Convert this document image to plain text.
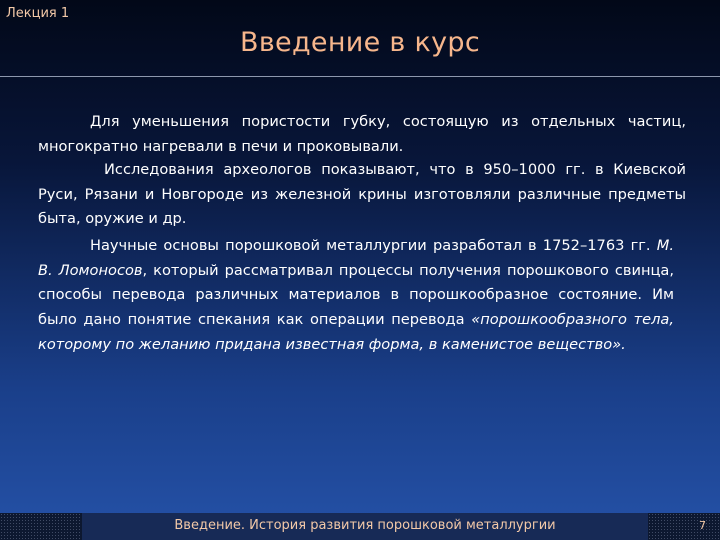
Лекция 1
Введение в курс

Для уменьшения пористости губку, состоящую из отдельных частиц, многократно нагревали в печи и проковывали.

Исследования археологов показывают, что в 950–1000 гг. в Киевской Руси, Рязани и Новгороде из железной крины изготовляли различные предметы быта, оружие и др.

Научные основы порошковой металлургии разработал в 1752–1763 гг. М. В. Ломоносов, который рассматривал процессы получения порошкового свинца, способы перевода различных материалов в порошкообразное состояние. Им было дано понятие спекания как операции перевода «порошкообразного тела, которому по желанию придана известная форма, в каменистое вещество».

Введение. История развития порошковой металлургии	7
